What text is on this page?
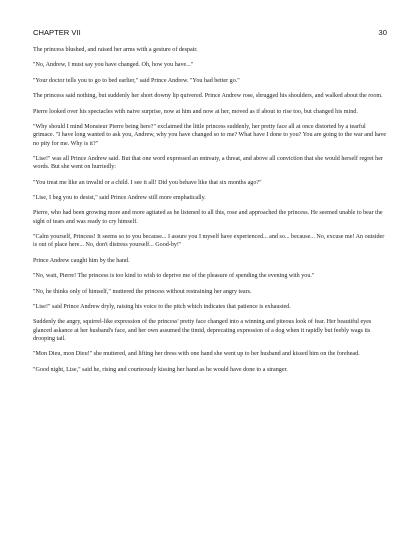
CHAPTER VII	30

The princess blushed, and raised her arms with a gesture of despair.

"No, Andrew, I must say you have changed. Oh, how you have..."

"Your doctor tells you to go to bed earlier," said Prince Andrew. "You had better go."

The princess said nothing, but suddenly her short downy lip quivered. Prince Andrew rose, shrugged his shoulders, and walked about the room.

Pierre looked over his spectacles with naive surprise, now at him and now at her, moved as if about to rise too, but changed his mind.

"Why should I mind Monsieur Pierre being here?" exclaimed the little princess suddenly, her pretty face all at once distorted by a tearful grimace. "I have long wanted to ask you, Andrew, why you have changed so to me? What have I done to you? You are going to the war and have no pity for me. Why is it?"

"Lise!" was all Prince Andrew said. But that one word expressed an entreaty, a threat, and above all conviction that she would herself regret her words. But she went on hurriedly:

"You treat me like an invalid or a child. I see it all! Did you behave like that six months ago?"

"Lise, I beg you to desist," said Prince Andrew still more emphatically.

Pierre, who had been growing more and more agitated as he listened to all this, rose and approached the princess. He seemed unable to bear the sight of tears and was ready to cry himself.

"Calm yourself, Princess! It seems so to you because... I assure you I myself have experienced... and so... because... No, excuse me! An outsider is out of place here... No, don't distress yourself... Good-by!"

Prince Andrew caught him by the hand.

"No, wait, Pierre! The princess is too kind to wish to deprive me of the pleasure of spending the evening with you."

"No, he thinks only of himself," muttered the princess without restraining her angry tears.

"Lise!" said Prince Andrew dryly, raising his voice to the pitch which indicates that patience is exhausted.

Suddenly the angry, squirrel-like expression of the princess' pretty face changed into a winning and piteous look of fear. Her beautiful eyes glanced askance at her husband's face, and her own assumed the timid, deprecating expression of a dog when it rapidly but feebly wags its drooping tail.

"Mon Dieu, mon Dieu!" she muttered, and lifting her dress with one hand she went up to her husband and kissed him on the forehead.

"Good night, Lise," said he, rising and courteously kissing her hand as he would have done to a stranger.
